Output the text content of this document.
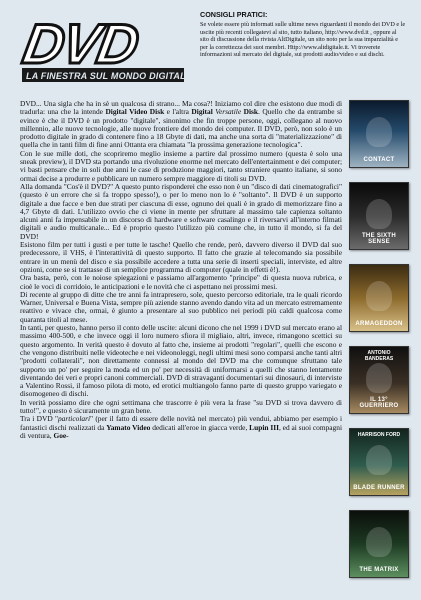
DVD
LA FINESTRA SUL MONDO DIGITALE

CONSIGLI PRATICI:

Se volete essere più informati sulle ultime news riguardanti il mondo dei DVD e le uscite più recenti collegatevi al sito, tutto italiano, http://www.dvd.it , oppure al sito di discussione della rivista AltDigitale, un sito noto per la sua imparzialità e per la correttezza dei suoi membri. Http://www.altdigitale.it. Vi troverete informazioni sul mercato del digitale, sui prodotti audio/video e sui dischi.

DVD... Una sigla che ha in sè un qualcosa di strano... Ma cosa?! Iniziamo col dire che esistono due modi di tradurla: una che la intende Digital Video Disk e l'altra Digital Versatile Disk. Quello che da entrambe si evince è che il DVD è un prodotto "digitale", sinonimo che fin troppe persone, oggi, collegano al nuovo millennio, alle nuove tecnologie, alle nuove frontiere del mondo dei computer. Il DVD, però, non solo è un prodotto digitale in grado di contenere fino a 18 Gbyte di dati, ma anche una sorta di "materializzazione" di quella che in tanti film di fine anni Ottanta era chiamata "la prossima generazione tecnologica".

Con le sue mille doti, che scopriremo meglio insieme a partire dal prossimo numero (questa è solo una sneak preview), il DVD sta portando una rivoluzione enorme nel mercato dell'entertainment e dei computer; vi basti pensare che in soli due anni le case di produzione maggiori, tanto straniere quanto italiane, si sono ormai decise a produrre e pubblicare un numero sempre maggiore di titoli su DVD.

Alla domanda "Cos'è il DVD?" A questo punto risponderei che esso non è un "disco di dati cinematografici" (questo è un errore che si fa troppo spesso!), o per lo meno non lo è "soltanto". Il DVD è un supporto digitale a due facce e ben due strati per ciascuna di esse, ognuno dei quali è in grado di memorizzare fino a 4,7 Gbyte di dati. L'utilizzo ovvio che ci viene in mente per sfruttare al massimo tale capienza soltanto alcuni anni fa impensabile in un discorso di hardware e software casalingo e il riversarvi all'interno filmati digitali e audio multicanale... Ed è proprio questo l'utilizzo più comune che, in tutto il mondo, si fa del DVD!

Esistono film per tutti i gusti e per tutte le tasche! Quello che rende, però, davvero diverso il DVD dal suo predecessore, il VHS, è l'interattività di questo supporto. Il fatto che grazie al telecomando sia possibile entrare in un menù del disco e sia possibile accedere a tutta una serie di inserti speciali, interviste, ed altre opzioni, come se si trattasse di un semplice programma di computer (quale in effetti è!).

Ora basta, però, con le noiose spiegazioni e passiamo all'argomento "principe" di questa nuova rubrica, e cioè le voci di corridoio, le anticipazioni e le novità che ci aspettano nei prossimi mesi.

Di recente al gruppo di ditte che tre anni fa intrapresero, sole, questo percorso editoriale, tra le quali ricordo Warner, Universal e Buena Vista, sempre più aziende stanno avendo dando vita ad un mercato estremamente reattivo e vivace che, ormai, è giunto a presentare al suo pubblico nei periodi più caldi qualcosa come quaranta titoli al mese.

In tanti, per questo, hanno perso il conto delle uscite: alcuni dicono che nel 1999 i DVD sul mercato erano al massimo 400-500, e che invece oggi il loro numero sfiora il migliaio, altri, invece, rimangono scettici su questo argomento. In verità questo è dovuto al fatto che, insieme ai prodotti "regolari", quelli che escono e che vengono distribuiti nelle videoteche e nei videonoleggi, negli ultimi mesi sono comparsi anche tanti altri "prodotti collaterali", non direttamente connessi al mondo del DVD ma che comunque sfruttano tale supporto un po' per seguire la moda ed un po' per necessità di uniformarsi a quelli che stanno lentamente diventando dei veri e propri canoni commerciali. DVD di stravaganti documentari sui dinosauri, di interviste a Valentino Rossi, il famoso pilota di moto, ed erotici multiangolo fanno parte di questo gruppo variegato e disomogeneo di dischi.

In verità possiamo dire che ogni settimana che trascorre è più vera la frase "su DVD si trova davvero di tutto!", e questo è sicuramente un gran bene.

Tra i DVD "particolari" (per il fatto di essere delle novità nel mercato) più vendui, abbiamo per esempio i fantastici dischi realizzati da Yamato Video dedicati all'eroe in giacca verde, Lupin III, ed ai suoi compagni di ventura, Goe-

CONTACT
THE SIXTH SENSE
ARMAGEDDON
ANTONIO BANDERAS
IL 13° GUERRIERO
HARRISON FORD
BLADE RUNNER
THE MATRIX
